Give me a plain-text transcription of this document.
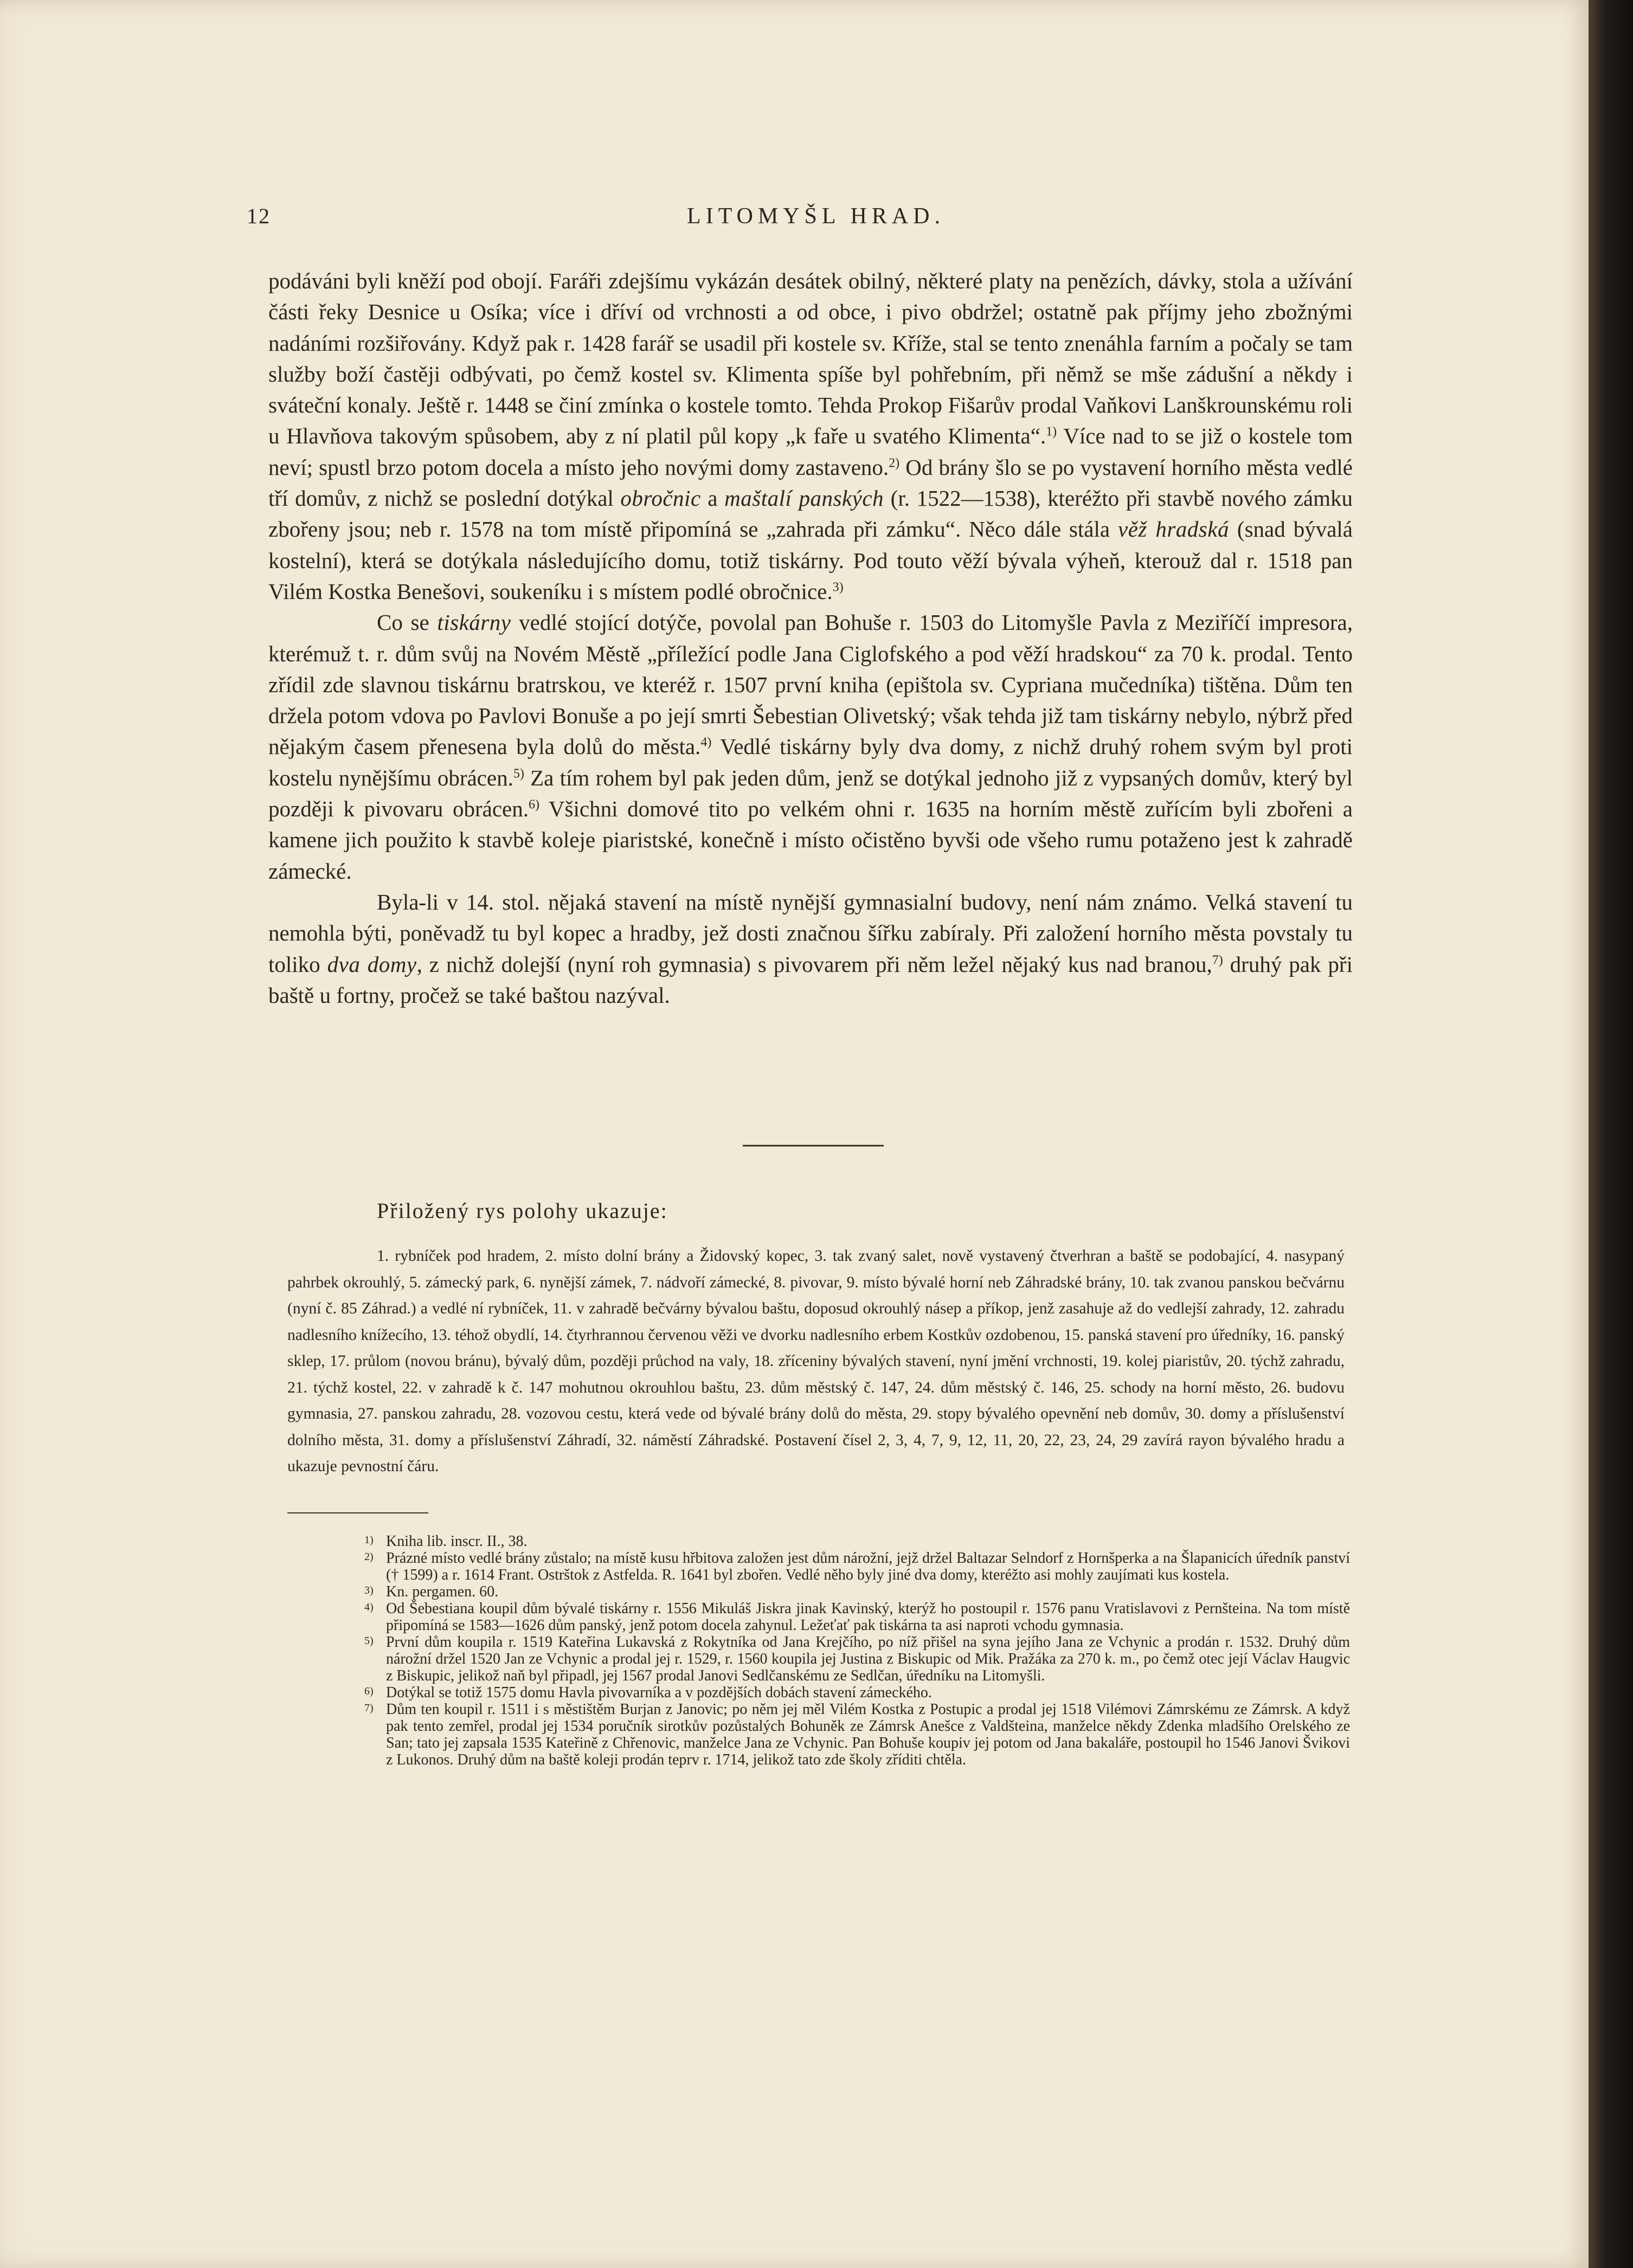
12	LITOMYŠL HRAD.

podáváni byli kněží pod obojí. Faráři zdejšímu vykázán desátek obilný, některé platy na penězích, dávky, stola a užívání části řeky Desnice u Osíka; více i dříví od vrchnosti a od obce, i pivo obdržel; ostatně pak příjmy jeho zbožnými nadáními rozšiřovány. Když pak r. 1428 farář se usadil při kostele sv. Kříže, stal se tento znenáhla farním a počaly se tam služby boží častěji odbývati, po čemž kostel sv. Klimenta spíše byl pohřebním, při němž se mše zádušní a někdy i sváteční konaly. Ještě r. 1448 se činí zmínka o kostele tomto. Tehda Prokop Fišarův prodal Vaňkovi Lanškrounskému roli u Hlavňova takovým spůsobem, aby z ní platil půl kopy „k faře u svatého Klimenta“.$^{1)}$ Více nad to se již o kostele tom neví; spustl brzo potom docela a místo jeho novými domy zastaveno.$^{2)}$ Od brány šlo se po vystavení horního města vedlé tří domův, z nichž se poslední dotýkal obročnic a maštalí panských (r. 1522—1538), kteréžto při stavbě nového zámku zbořeny jsou; neb r. 1578 na tom místě připomíná se „zahrada při zámku“. Něco dále stála věž hradská (snad bývalá kostelní), která se dotýkala následujícího domu, totiž tiskárny. Pod touto věží bývala výheň, kterouž dal r. 1518 pan Vilém Kostka Benešovi, soukeníku i s místem podlé obročnice.$^{3)}$

Co se tiskárny vedlé stojící dotýče, povolal pan Bohuše r. 1503 do Litomyšle Pavla z Meziříčí impresora, kterémuž t. r. dům svůj na Novém Městě „příležící podle Jana Ciglofského a pod věží hradskou“ za 70 k. prodal. Tento zřídil zde slavnou tiskárnu bratrskou, ve kteréž r. 1507 první kniha (epištola sv. Cypriana mučedníka) tištěna. Dům ten držela potom vdova po Pavlovi Bonuše a po její smrti Šebestian Olivetský; však tehda již tam tiskárny nebylo, nýbrž před nějakým časem přenesena byla dolů do města.$^{4)}$ Vedlé tiskárny byly dva domy, z nichž druhý rohem svým byl proti kostelu nynějšímu obrácen.$^{5)}$ Za tím rohem byl pak jeden dům, jenž se dotýkal jednoho již z vypsaných domův, který byl později k pivovaru obrácen.$^{6)}$ Všichni domové tito po velkém ohni r. 1635 na horním městě zuřícím byli zbořeni a kamene jich použito k stavbě koleje piaristské, konečně i místo očistěno byvši ode všeho rumu potaženo jest k zahradě zámecké.

Byla-li v 14. stol. nějaká stavení na místě nynější gymnasialní budovy, není nám známo. Velká stavení tu nemohla býti, poněvadž tu byl kopec a hradby, jež dosti značnou šířku zabíraly. Při založení horního města povstaly tu toliko dva domy, z nichž dolejší (nyní roh gymnasia) s pivovarem při něm ležel nějaký kus nad branou,$^{7)}$ druhý pak při baště u fortny, pročež se také baštou nazýval.

Přiložený rys polohy ukazuje:

1. rybníček pod hradem, 2. místo dolní brány a Židovský kopec, 3. tak zvaný salet, nově vystavený čtverhran a baště se podobající, 4. nasypaný pahrbek okrouhlý, 5. zámecký park, 6. nynější zámek, 7. nádvoří zámecké, 8. pivovar, 9. místo bývalé horní neb Záhradské brány, 10. tak zvanou panskou bečvárnu (nyní č. 85 Záhrad.) a vedlé ní rybníček, 11. v zahradě bečvárny bývalou baštu, doposud okrouhlý násep a příkop, jenž zasahuje až do vedlejší zahrady, 12. zahradu nadlesního knížecího, 13. téhož obydlí, 14. čtyrhrannou červenou věži ve dvorku nadlesního erbem Kostkův ozdobenou, 15. panská stavení pro úředníky, 16. panský sklep, 17. průlom (novou bránu), bývalý dům, později průchod na valy, 18. zříceniny bývalých stavení, nyní jmění vrchnosti, 19. kolej piaristův, 20. týchž zahradu, 21. týchž kostel, 22. v zahradě k č. 147 mohutnou okrouhlou baštu, 23. dům městský č. 147, 24. dům městský č. 146, 25. schody na horní město, 26. budovu gymnasia, 27. panskou zahradu, 28. vozovou cestu, která vede od bývalé brány dolů do města, 29. stopy bývalého opevnění neb domův, 30. domy a příslušenství dolního města, 31. domy a příslušenství Záhradí, 32. náměstí Záhradské. Postavení čísel 2, 3, 4, 7, 9, 12, 11, 20, 22, 23, 24, 29 zavírá rayon bývalého hradu a ukazuje pevnostní čáru.

1) Kniha lib. inscr. II., 38.

2) Prázné místo vedlé brány zůstalo; na místě kusu hřbitova založen jest dům nárožní, jejž držel Baltazar Selndorf z Hornšperka a na Šlapanicích úředník panství († 1599) a r. 1614 Frant. Ostrštok z Astfelda. R. 1641 byl zbořen. Vedlé něho byly jiné dva domy, kteréžto asi mohly zaujímati kus kostela.

3) Kn. pergamen. 60.

4) Od Šebestiana koupil dům bývalé tiskárny r. 1556 Mikuláš Jiskra jinak Kavinský, kterýž ho postoupil r. 1576 panu Vratislavovi z Pernšteina. Na tom místě připomíná se 1583—1626 dům panský, jenž potom docela zahynul. Ležeťať pak tiskárna ta asi naproti vchodu gymnasia.

5) První dům koupila r. 1519 Kateřina Lukavská z Rokytníka od Jana Krejčího, po níž přišel na syna jejího Jana ze Vchynic a prodán r. 1532. Druhý dům nárožní držel 1520 Jan ze Vchynic a prodal jej r. 1529, r. 1560 koupila jej Justina z Biskupic od Mik. Pražáka za 270 k. m., po čemž otec její Václav Haugvic z Biskupic, jelikož naň byl připadl, jej 1567 prodal Janovi Sedlčanskému ze Sedlčan, úředníku na Litomyšli.

6) Dotýkal se totiž 1575 domu Havla pivovarníka a v pozdějších dobách stavení zámeckého.

7) Dům ten koupil r. 1511 i s městištěm Burjan z Janovic; po něm jej měl Vilém Kostka z Postupic a prodal jej 1518 Vilémovi Zámrskému ze Zámrsk. A když pak tento zemřel, prodal jej 1534 poručník sirotkův pozůstalých Bohuněk ze Zámrsk Anešce z Valdšteina, manželce někdy Zdenka mladšího Orelského ze San; tato jej zapsala 1535 Kateřině z Chřenovic, manželce Jana ze Vchynic. Pan Bohuše koupiv jej potom od Jana bakaláře, postoupil ho 1546 Janovi Švikovi z Lukonos. Druhý dům na baště koleji prodán teprv r. 1714, jelikož tato zde školy zříditi chtěla.
